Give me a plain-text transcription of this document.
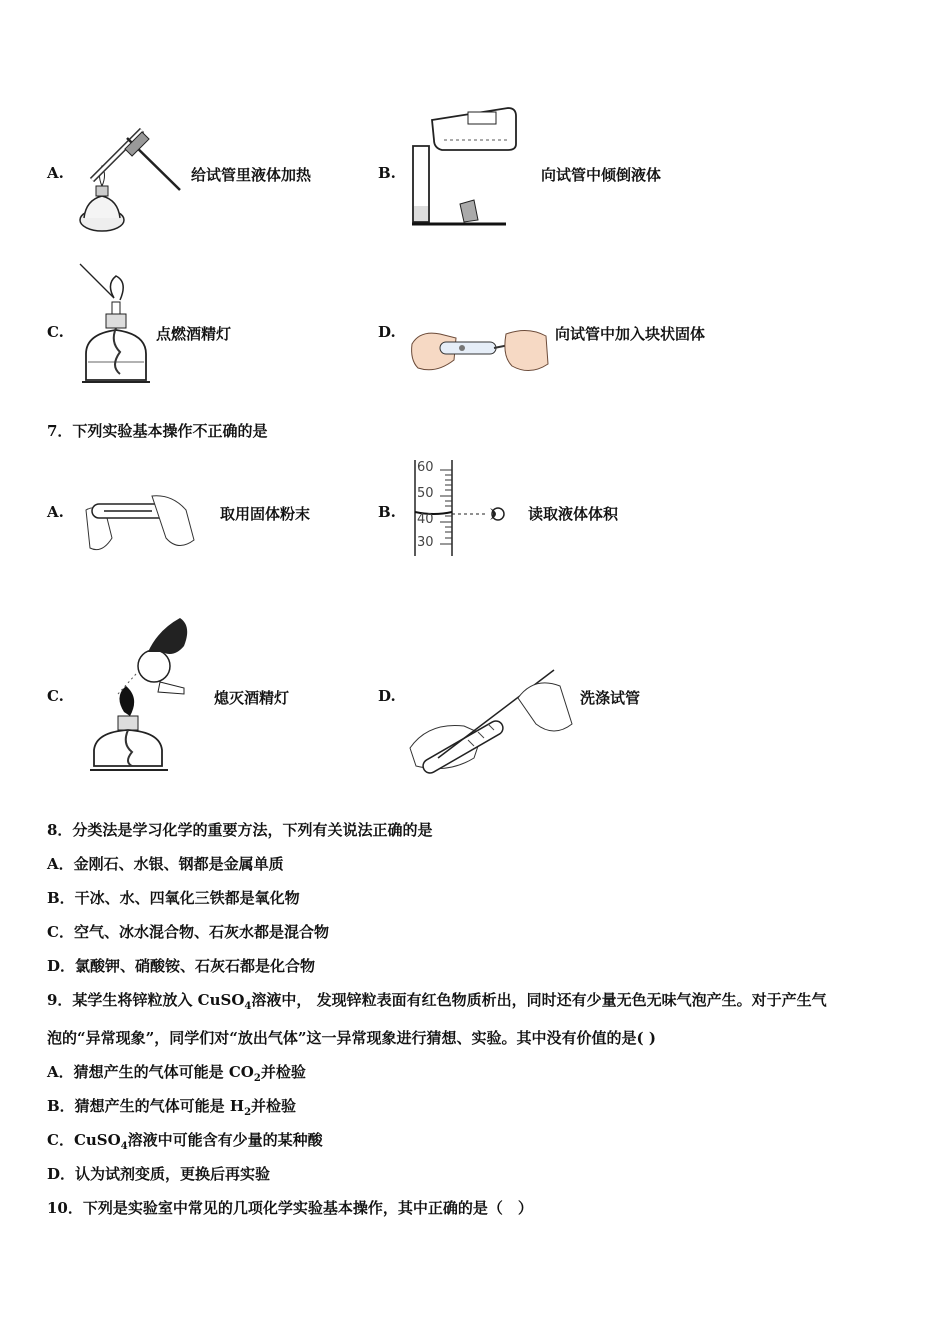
A.	给试管里液体加热	B.	向试管中倾倒液体
C.	点燃酒精灯	D.	向试管中加入块状固体
7．下列实验基本操作不正确的是
A.	取用固体粉末	B.
60
50
40
30
读取液体体积
C.	熄灭酒精灯	D.	洗涤试管
8．分类法是学习化学的重要方法，下列有关说法正确的是
A．金刚石、水银、钢都是金属单质
B．干冰、水、四氧化三铁都是氧化物
C．空气、冰水混合物、石灰水都是混合物
D．氯酸钾、硝酸铵、石灰石都是化合物
9．某学生将锌粒放入 CuSO$_4$溶液中， 发现锌粒表面有红色物质析出，同时还有少量无色无味气泡产生。对于产生气
泡的“异常现象”，同学们对“放出气体”这一异常现象进行猜想、实验。其中没有价值的是( )
A．猜想产生的气体可能是 $CO_2$并检验
B．猜想产生的气体可能是 $H_2$并检验
C．CuSO$_4$溶液中可能含有少量的某种酸
D．认为试剂变质，更换后再实验
10．下列是实验室中常见的几项化学实验基本操作，其中正确的是（　）
